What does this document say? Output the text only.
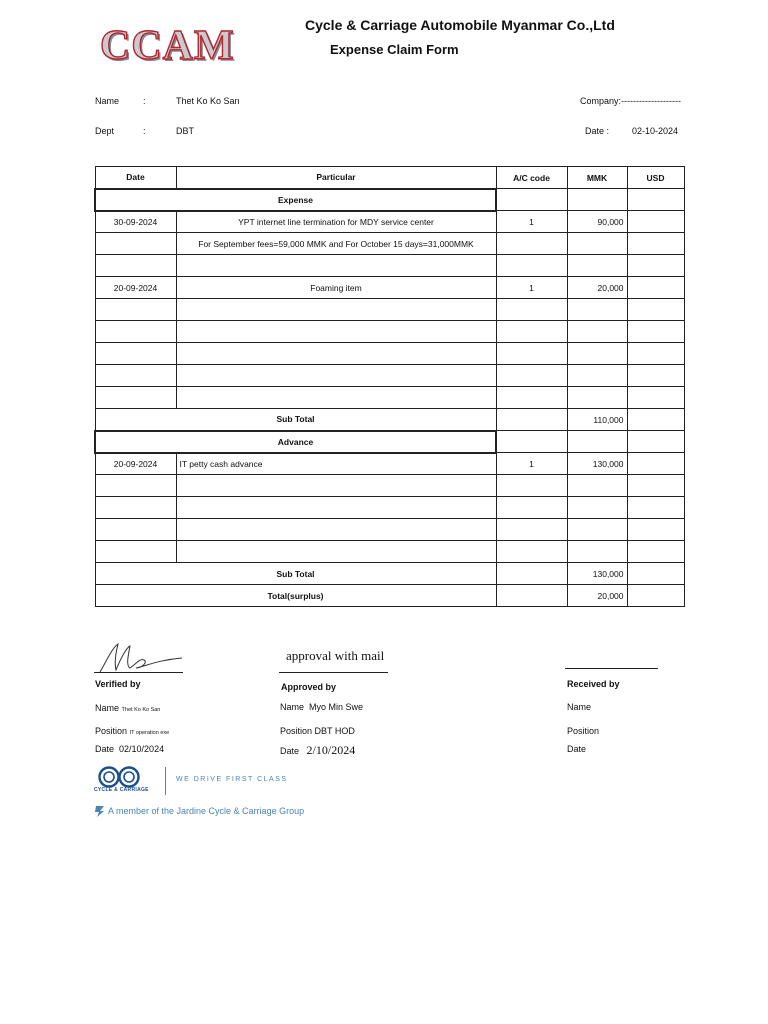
CCAM	Cycle & Carriage Automobile Myanmar Co.,Ltd
Expense Claim Form
Name	:	Thet Ko Ko San	Company:--------------------
Dept	:	DBT	Date :	02-10-2024
Date	Particular	A/C code	MMK	USD
Expense				
30-09-2024	YPT internet line termination for MDY service center	1	90,000	
	For September fees=59,000 MMK and For October 15 days=31,000MMK			

20-09-2024	Foaming item	1	20,000	

Sub Total			110,000	
Advance				
20-09-2024	IT petty cash advance	1	130,000	

Sub Total			130,000	
Total(surplus)			20,000	
approval with mail
Verified by
Name Thet Ko Ko San
Position IT operation exe
Date 02/10/2024
Approved by
Name Myo Min Swe
Position DBT HOD
Date 2/10/2024
Received by
Name
Position
Date
CYCLE & CARRIAGE
WE DRIVE FIRST CLASS
A member of the Jardine Cycle & Carriage Group
